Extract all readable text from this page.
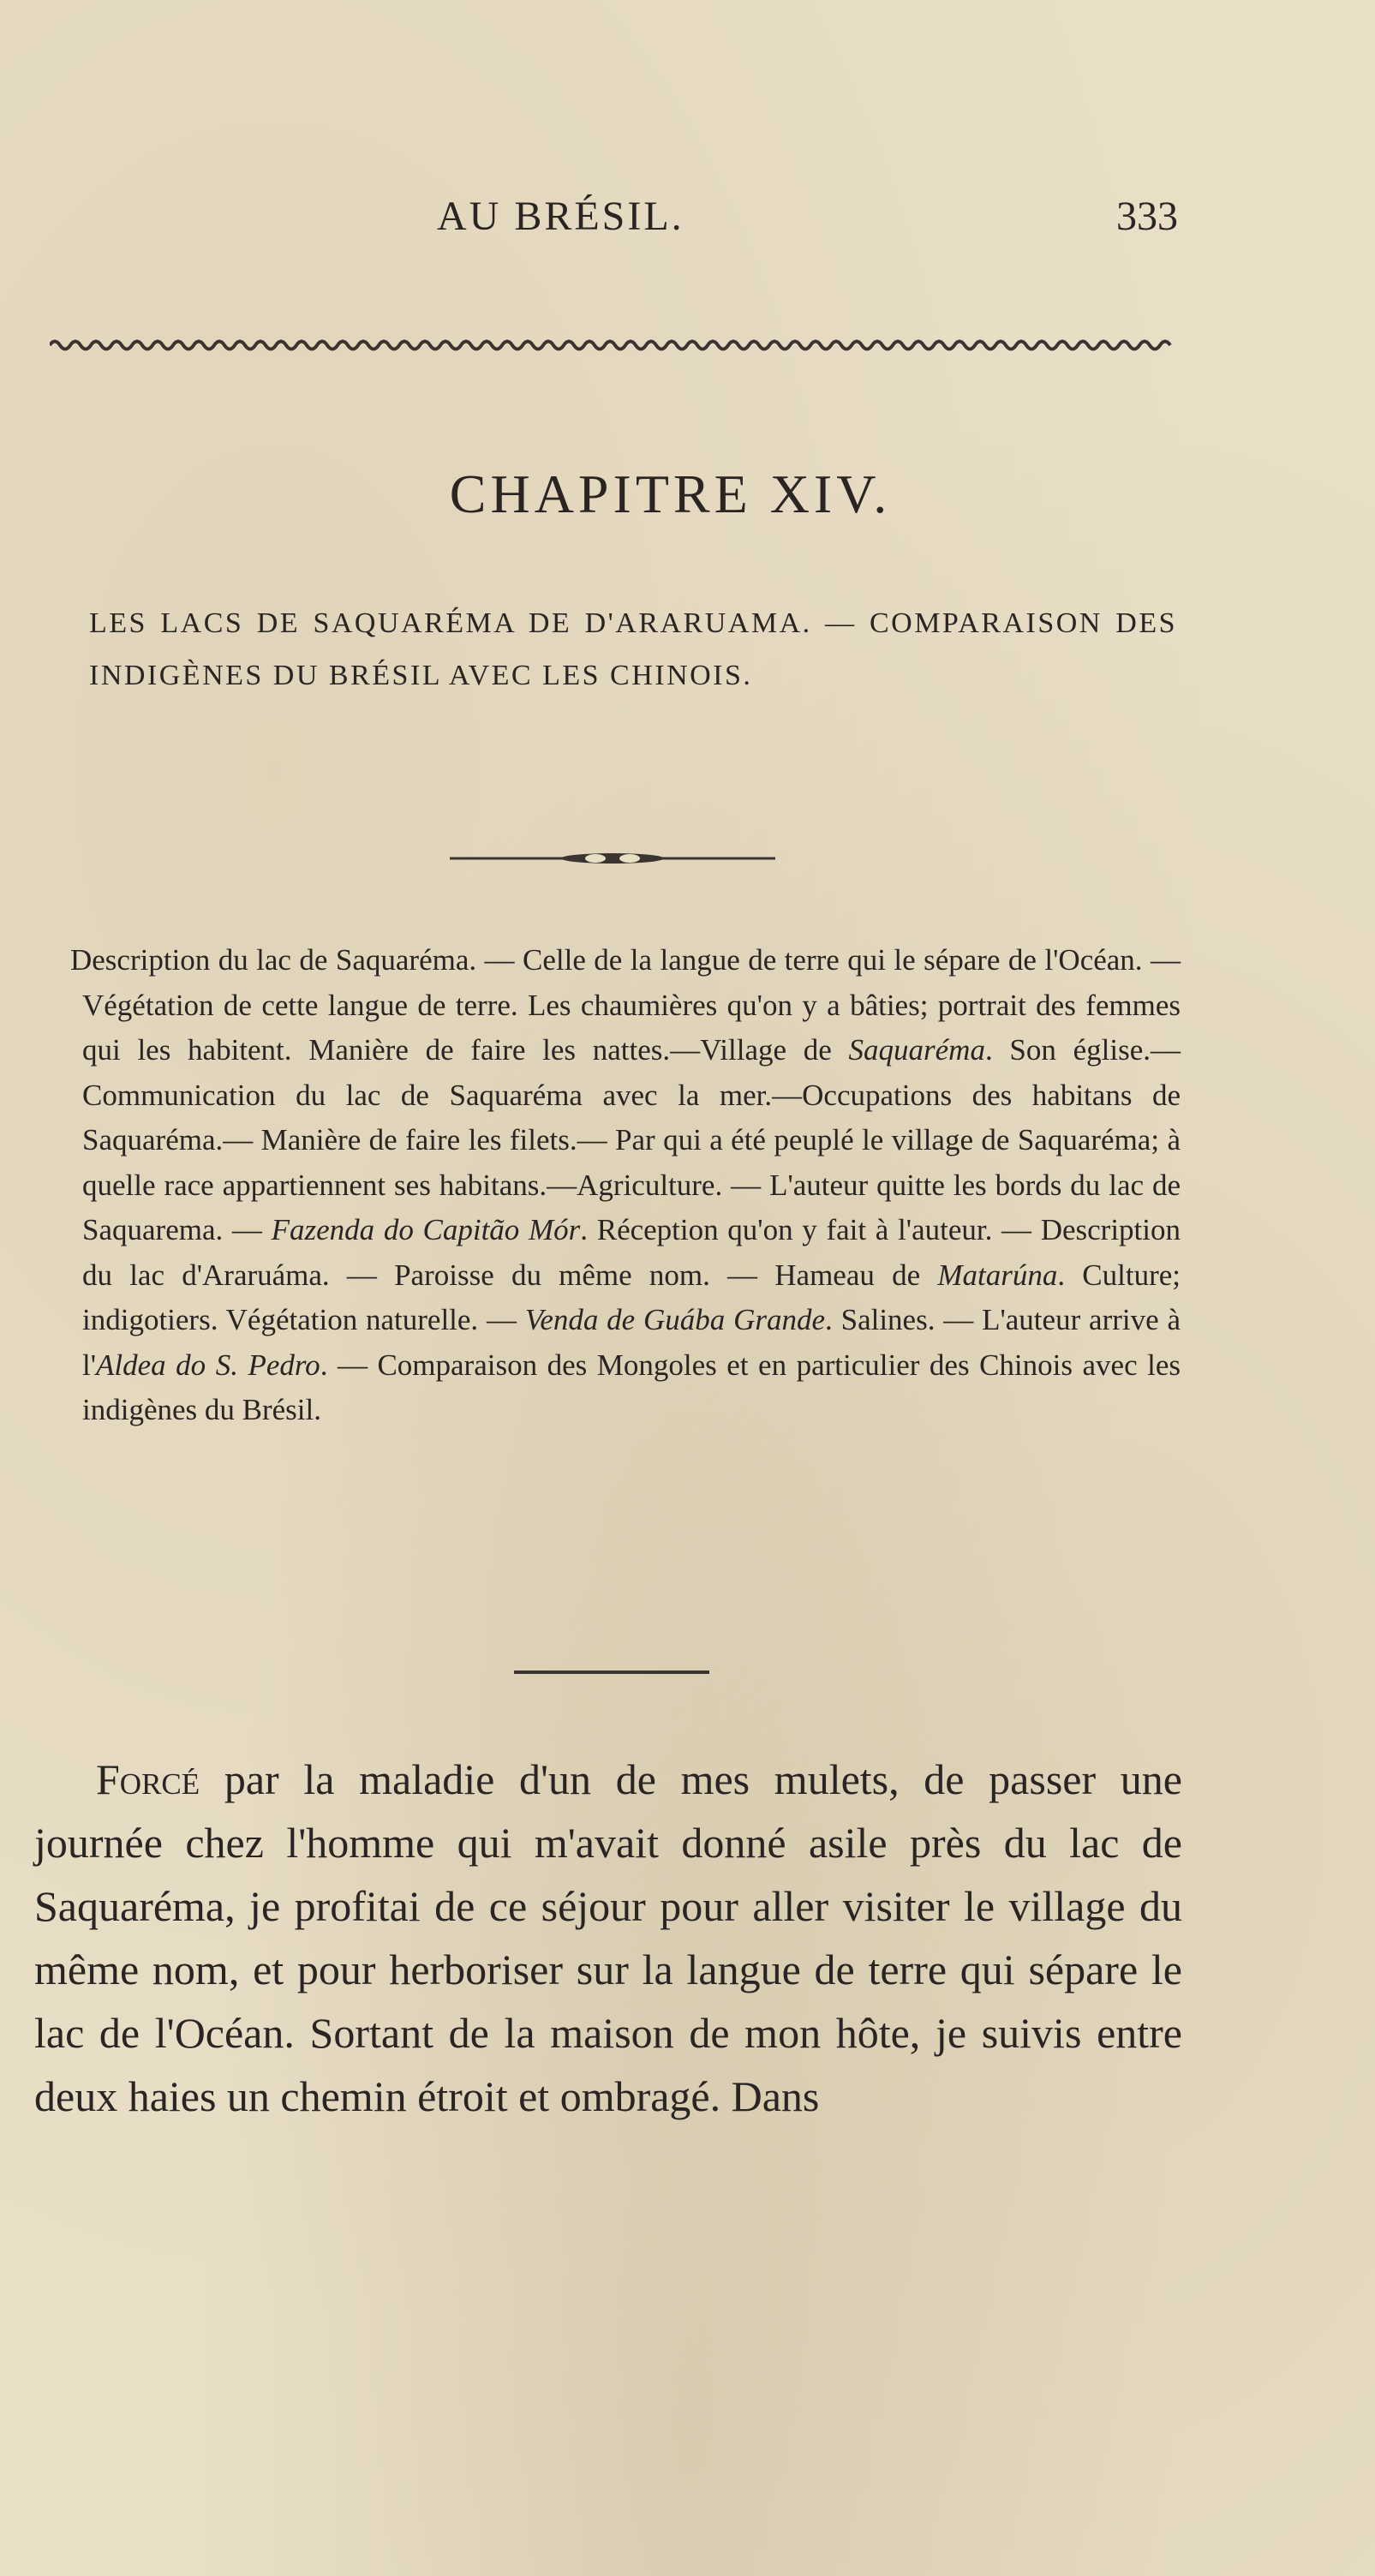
AU BRÉSIL.	333
CHAPITRE XIV.
LES LACS DE SAQUARÉMA DE D'ARARUAMA. — COMPARAISON DES INDIGÈNES DU BRÉSIL AVEC LES CHINOIS.
Description du lac de Saquaréma. — Celle de la langue de terre qui le sépare de l'Océan. — Végétation de cette langue de terre. Les chaumières qu'on y a bâties; portrait des femmes qui les habitent. Manière de faire les nattes.—Village de Saquaréma. Son église.—Communication du lac de Saquaréma avec la mer.—Occupations des habitans de Saquaréma.— Manière de faire les filets.— Par qui a été peuplé le village de Saquaréma; à quelle race appartiennent ses habitans.—Agriculture. — L'auteur quitte les bords du lac de Saquarema. — Fazenda do Capitão Mór. Réception qu'on y fait à l'auteur. — Description du lac d'Araruáma. — Paroisse du même nom. — Hameau de Matarúna. Culture; indigotiers. Végétation naturelle. — Venda de Guába Grande. Salines. — L'auteur arrive à l'Aldea do S. Pedro. — Comparaison des Mongoles et en particulier des Chinois avec les indigènes du Brésil.
Forcé par la maladie d'un de mes mulets, de passer une journée chez l'homme qui m'avait donné asile près du lac de Saquaréma, je profitai de ce séjour pour aller visiter le village du même nom, et pour herboriser sur la langue de terre qui sépare le lac de l'Océan. Sortant de la maison de mon hôte, je suivis entre deux haies un chemin étroit et ombragé. Dans
